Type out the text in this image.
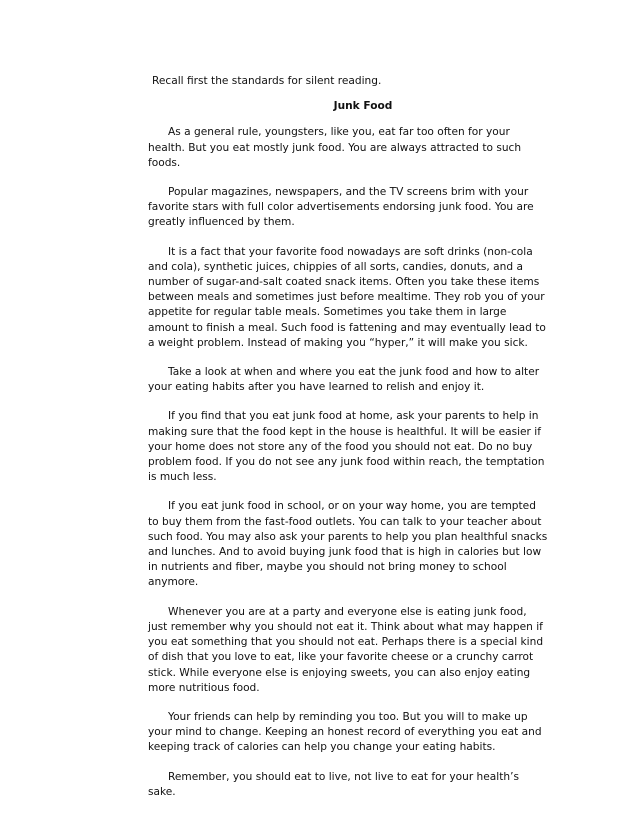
Recall first the standards for silent reading.

Junk Food

As a general rule, youngsters, like you, eat far too often for your health. But you eat mostly junk food. You are always attracted to such foods.

Popular magazines, newspapers, and the TV screens brim with your favorite stars with full color advertisements endorsing junk food. You are greatly influenced by them.

It is a fact that your favorite food nowadays are soft drinks (non-cola and cola), synthetic juices, chippies of all sorts, candies, donuts, and a number of sugar-and-salt coated snack items. Often you take these items between meals and sometimes just before mealtime. They rob you of your appetite for regular table meals. Sometimes you take them in large amount to finish a meal. Such food is fattening and may eventually lead to a weight problem. Instead of making you “hyper,” it will make you sick.

Take a look at when and where you eat the junk food and how to alter your eating habits after you have learned to relish and enjoy it.

If you find that you eat junk food at home, ask your parents to help in making sure that the food kept in the house is healthful. It will be easier if your home does not store any of the food you should not eat. Do no buy problem food. If you do not see any junk food within reach, the temptation is much less.

If you eat junk food in school, or on your way home, you are tempted to buy them from the fast-food outlets. You can talk to your teacher about such food. You may also ask your parents to help you plan healthful snacks and lunches. And to avoid buying junk food that is high in calories but low in nutrients and fiber, maybe you should not bring money to school anymore.

Whenever you are at a party and everyone else is eating junk food, just remember why you should not eat it. Think about what may happen if you eat something that you should not eat. Perhaps there is a special kind of dish that you love to eat, like your favorite cheese or a crunchy carrot stick. While everyone else is enjoying sweets, you can also enjoy eating more nutritious food.

Your friends can help by reminding you too. But you will to make up your mind to change. Keeping an honest record of everything you eat and keeping track of calories can help you change your eating habits.

Remember, you should eat to live, not live to eat for your health’s sake.
